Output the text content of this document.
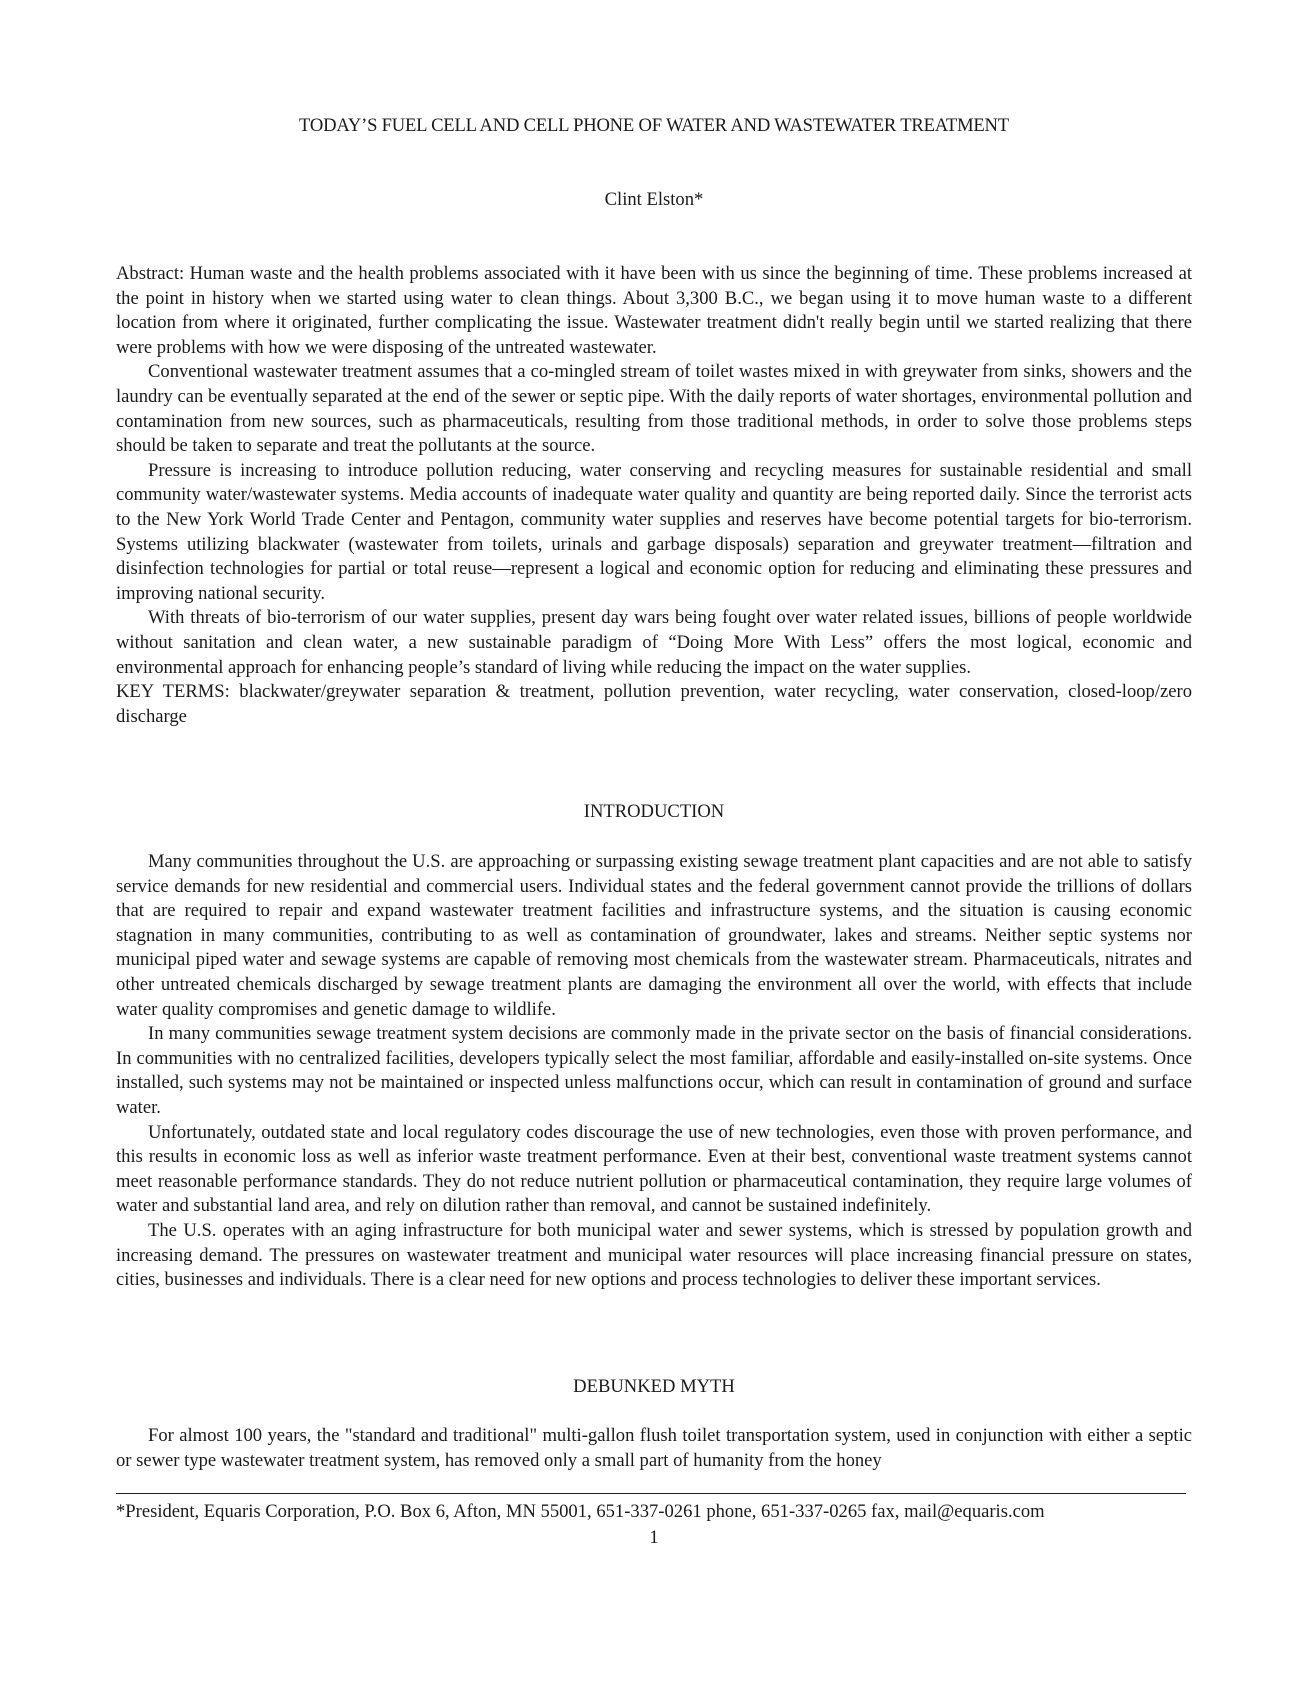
TODAY’S FUEL CELL AND CELL PHONE OF WATER AND WASTEWATER TREATMENT
Clint Elston*

Abstract: Human waste and the health problems associated with it have been with us since the beginning of time. These problems increased at the point in history when we started using water to clean things. About 3,300 B.C., we began using it to move human waste to a different location from where it originated, further complicating the issue. Wastewater treatment didn't really begin until we started realizing that there were problems with how we were disposing of the untreated wastewater.

Conventional wastewater treatment assumes that a co-mingled stream of toilet wastes mixed in with greywater from sinks, showers and the laundry can be eventually separated at the end of the sewer or septic pipe. With the daily reports of water shortages, environmental pollution and contamination from new sources, such as pharmaceuticals, resulting from those traditional methods, in order to solve those problems steps should be taken to separate and treat the pollutants at the source.

Pressure is increasing to introduce pollution reducing, water conserving and recycling measures for sustainable residential and small community water/wastewater systems. Media accounts of inadequate water quality and quantity are being reported daily. Since the terrorist acts to the New York World Trade Center and Pentagon, community water supplies and reserves have become potential targets for bio-terrorism. Systems utilizing blackwater (wastewater from toilets, urinals and garbage disposals) separation and greywater treatment—filtration and disinfection technologies for partial or total reuse—represent a logical and economic option for reducing and eliminating these pressures and improving national security.

With threats of bio-terrorism of our water supplies, present day wars being fought over water related issues, billions of people worldwide without sanitation and clean water, a new sustainable paradigm of “Doing More With Less” offers the most logical, economic and environmental approach for enhancing people’s standard of living while reducing the impact on the water supplies.

KEY TERMS: blackwater/greywater separation & treatment, pollution prevention, water recycling, water conservation, closed-loop/zero discharge

INTRODUCTION

Many communities throughout the U.S. are approaching or surpassing existing sewage treatment plant capacities and are not able to satisfy service demands for new residential and commercial users. Individual states and the federal government cannot provide the trillions of dollars that are required to repair and expand wastewater treatment facilities and infrastructure systems, and the situation is causing economic stagnation in many communities, contributing to as well as contamination of groundwater, lakes and streams. Neither septic systems nor municipal piped water and sewage systems are capable of removing most chemicals from the wastewater stream. Pharmaceuticals, nitrates and other untreated chemicals discharged by sewage treatment plants are damaging the environment all over the world, with effects that include water quality compromises and genetic damage to wildlife.

In many communities sewage treatment system decisions are commonly made in the private sector on the basis of financial considerations. In communities with no centralized facilities, developers typically select the most familiar, affordable and easily-installed on-site systems. Once installed, such systems may not be maintained or inspected unless malfunctions occur, which can result in contamination of ground and surface water.

Unfortunately, outdated state and local regulatory codes discourage the use of new technologies, even those with proven performance, and this results in economic loss as well as inferior waste treatment performance. Even at their best, conventional waste treatment systems cannot meet reasonable performance standards. They do not reduce nutrient pollution or pharmaceutical contamination, they require large volumes of water and substantial land area, and rely on dilution rather than removal, and cannot be sustained indefinitely.

The U.S. operates with an aging infrastructure for both municipal water and sewer systems, which is stressed by population growth and increasing demand. The pressures on wastewater treatment and municipal water resources will place increasing financial pressure on states, cities, businesses and individuals. There is a clear need for new options and process technologies to deliver these important services.

DEBUNKED MYTH

For almost 100 years, the "standard and traditional" multi-gallon flush toilet transportation system, used in conjunction with either a septic or sewer type wastewater treatment system, has removed only a small part of humanity from the honey

*President, Equaris Corporation, P.O. Box 6, Afton, MN 55001, 651-337-0261 phone, 651-337-0265 fax, mail@equaris.com
1
